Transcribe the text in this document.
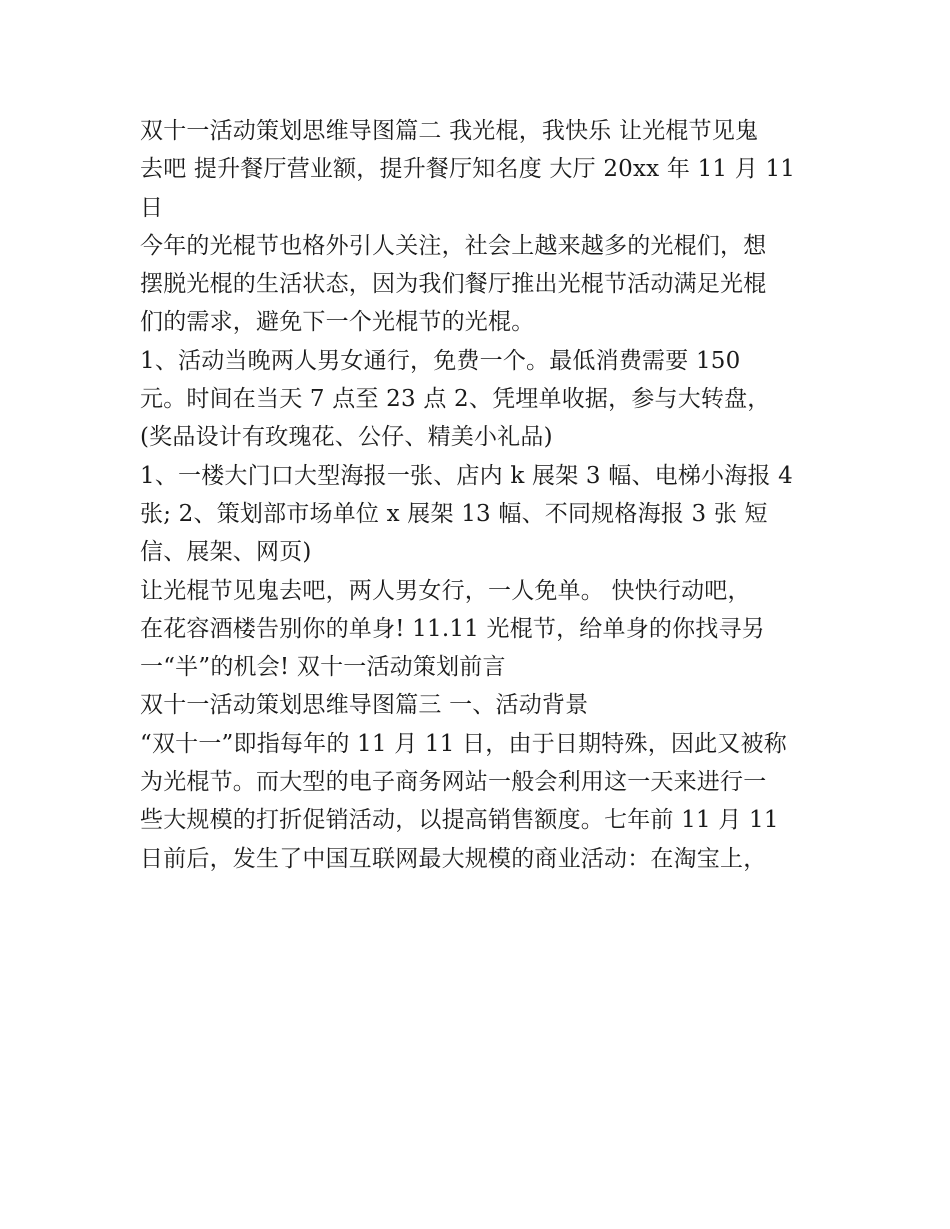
双十一活动策划思维导图篇二 我光棍，我快乐 让光棍节见鬼
去吧 提升餐厅营业额，提升餐厅知名度 大厅 20xx 年 11 月 11
日
今年的光棍节也格外引人关注，社会上越来越多的光棍们，想
摆脱光棍的生活状态，因为我们餐厅推出光棍节活动满足光棍
们的需求，避免下一个光棍节的光棍。
1、活动当晚两人男女通行，免费一个。最低消费需要 150
元。时间在当天 7 点至 23 点 2、凭埋单收据，参与大转盘，
(奖品设计有玫瑰花、公仔、精美小礼品)
1、一楼大门口大型海报一张、店内 k 展架 3 幅、电梯小海报 4
张; 2、策划部市场单位 x 展架 13 幅、不同规格海报 3 张 短
信、展架、网页)
让光棍节见鬼去吧，两人男女行，一人免单。 快快行动吧，
在花容酒楼告别你的单身! 11.11 光棍节，给单身的你找寻另
一“半”的机会! 双十一活动策划前言
双十一活动策划思维导图篇三 一、活动背景
“双十一”即指每年的 11 月 11 日，由于日期特殊，因此又被称
为光棍节。而大型的电子商务网站一般会利用这一天来进行一
些大规模的打折促销活动，以提高销售额度。七年前 11 月 11
日前后，发生了中国互联网最大规模的商业活动：在淘宝上，
